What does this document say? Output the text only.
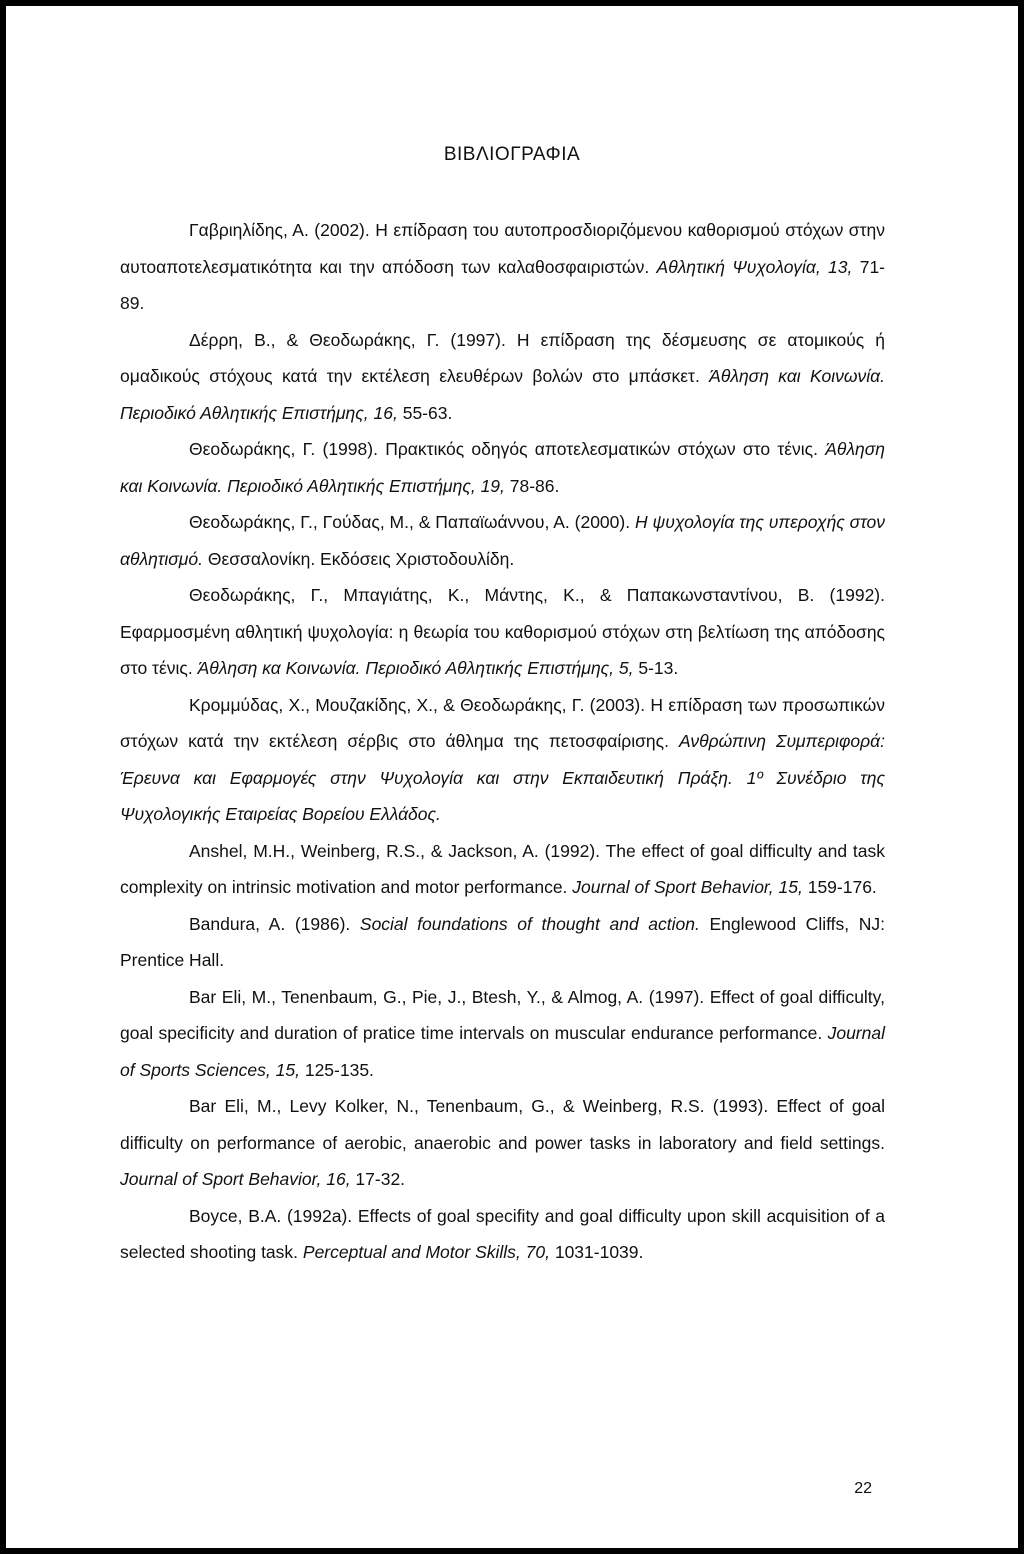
ΒΙΒΛΙΟΓΡΑΦΙΑ

Γαβριηλίδης, Α. (2002). Η επίδραση του αυτοπροσδιοριζόμενου καθορισμού στόχων στην αυτοαποτελεσματικότητα και την απόδοση των καλαθοσφαιριστών. Αθλητική Ψυχολογία, 13, 71-89.

Δέρρη, Β., & Θεοδωράκης, Γ. (1997). Η επίδραση της δέσμευσης σε ατομικούς ή ομαδικούς στόχους κατά την εκτέλεση ελευθέρων βολών στο μπάσκετ. Άθληση και Κοινωνία. Περιοδικό Αθλητικής Επιστήμης, 16, 55-63.

Θεοδωράκης, Γ. (1998). Πρακτικός οδηγός αποτελεσματικών στόχων στο τένις. Άθληση και Κοινωνία. Περιοδικό Αθλητικής Επιστήμης, 19, 78-86.

Θεοδωράκης, Γ., Γούδας, Μ., & Παπαϊωάννου, Α. (2000). Η ψυχολογία της υπεροχής στον αθλητισμό. Θεσσαλονίκη. Εκδόσεις Χριστοδουλίδη.

Θεοδωράκης, Γ., Μπαγιάτης, Κ., Μάντης, Κ., & Παπακωνσταντίνου, Β. (1992). Εφαρμοσμένη αθλητική ψυχολογία: η θεωρία του καθορισμού στόχων στη βελτίωση της απόδοσης στο τένις. Άθληση κα Κοινωνία. Περιοδικό Αθλητικής Επιστήμης, 5, 5-13.

Κρομμύδας, Χ., Μουζακίδης, Χ., & Θεοδωράκης, Γ. (2003). Η επίδραση των προσωπικών στόχων κατά την εκτέλεση σέρβις στο άθλημα της πετοσφαίρισης. Ανθρώπινη Συμπεριφορά: Έρευνα και Εφαρμογές στην Ψυχολογία και στην Εκπαιδευτική Πράξη. 1º Συνέδριο της Ψυχολογικής Εταιρείας Βορείου Ελλάδος.

Anshel, M.H., Weinberg, R.S., & Jackson, A. (1992). The effect of goal difficulty and task complexity on intrinsic motivation and motor performance. Journal of Sport Behavior, 15, 159-176.

Bandura, A. (1986). Social foundations of thought and action. Englewood Cliffs, NJ: Prentice Hall.

Bar Eli, M., Tenenbaum, G., Pie, J., Btesh, Y., & Almog, A. (1997). Effect of goal difficulty, goal specificity and duration of pratice time intervals on muscular endurance performance. Journal of Sports Sciences, 15, 125-135.

Bar Eli, M., Levy Kolker, N., Tenenbaum, G., & Weinberg, R.S. (1993). Effect of goal difficulty on performance of aerobic, anaerobic and power tasks in laboratory and field settings. Journal of Sport Behavior, 16, 17-32.

Boyce, B.A. (1992a). Effects of goal specifity and goal difficulty upon skill acquisition of a selected shooting task. Perceptual and Motor Skills, 70, 1031-1039.

22
